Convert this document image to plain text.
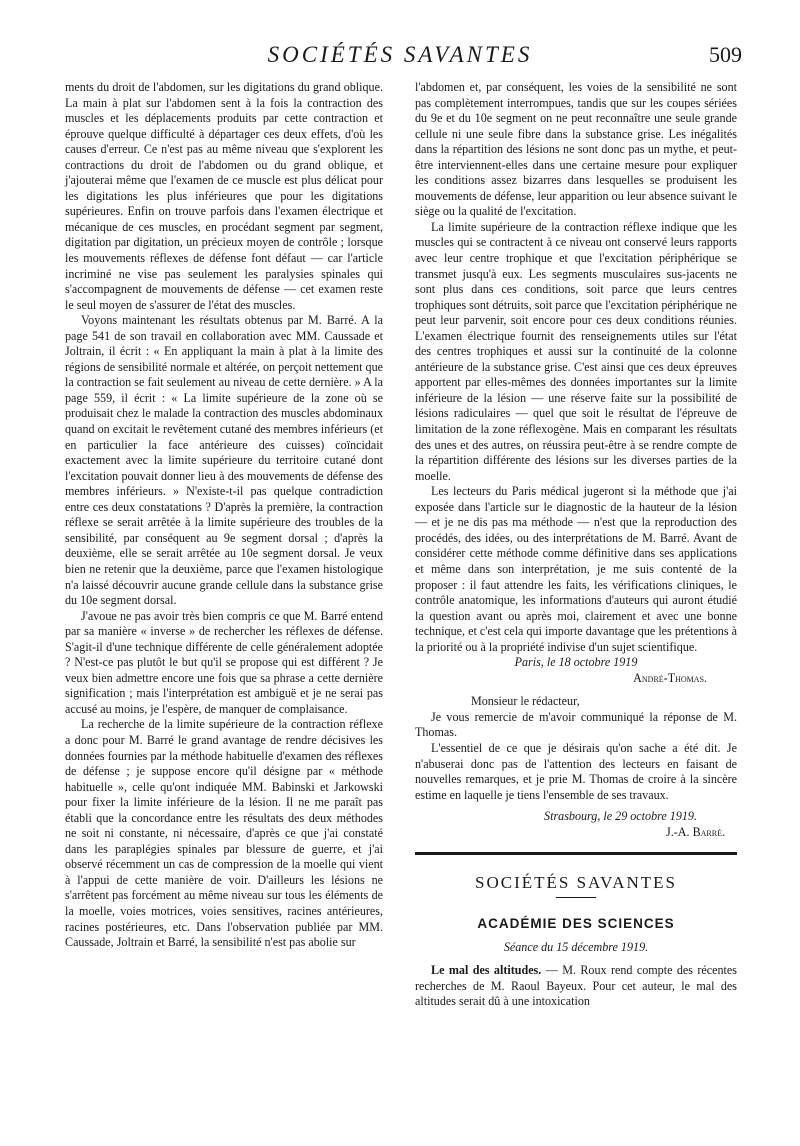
SOCIÉTÉS SAVANTES	509

ments du droit de l'abdomen, sur les digitations du grand oblique. La main à plat sur l'abdomen sent à la fois la contraction des muscles et les déplacements produits par cette contraction et éprouve quelque difficulté à départager ces deux effets, d'où les causes d'erreur. Ce n'est pas au même niveau que s'explorent les contractions du droit de l'abdomen ou du grand oblique, et j'ajouterai même que l'examen de ce muscle est plus délicat pour les digitations les plus inférieures que pour les digitations supérieures. Enfin on trouve parfois dans l'examen électrique et mécanique de ces muscles, en procédant segment par segment, digitation par digitation, un précieux moyen de contrôle ; lorsque les mouvements réflexes de défense font défaut — car l'article incriminé ne vise pas seulement les paralysies spinales qui s'accompagnent de mouvements de défense — cet examen reste le seul moyen de s'assurer de l'état des muscles.

Voyons maintenant les résultats obtenus par M. Barré. A la page 541 de son travail en collaboration avec MM. Caussade et Joltrain, il écrit : « En appliquant la main à plat à la limite des régions de sensibilité normale et altérée, on perçoit nettement que la contraction se fait seulement au niveau de cette dernière. » A la page 559, il écrit : « La limite supérieure de la zone où se produisait chez le malade la contraction des muscles abdominaux quand on excitait le revêtement cutané des membres inférieurs (et en particulier la face antérieure des cuisses) coïncidait exactement avec la limite supérieure du territoire cutané dont l'excitation pouvait donner lieu à des mouvements de défense des membres inférieurs. » N'existe-t-il pas quelque contradiction entre ces deux constatations ? D'après la première, la contraction réflexe se serait arrêtée à la limite supérieure des troubles de la sensibilité, par conséquent au 9e segment dorsal ; d'après la deuxième, elle se serait arrêtée au 10e segment dorsal. Je veux bien ne retenir que la deuxième, parce que l'examen histologique n'a laissé découvrir aucune grande cellule dans la substance grise du 10e segment dorsal.

J'avoue ne pas avoir très bien compris ce que M. Barré entend par sa manière « inverse » de rechercher les réflexes de défense. S'agit-il d'une technique différente de celle généralement adoptée ? N'est-ce pas plutôt le but qu'il se propose qui est différent ? Je veux bien admettre encore une fois que sa phrase a cette dernière signification ; mais l'interprétation est ambiguë et je ne serai pas accusé au moins, je l'espère, de manquer de complaisance.

La recherche de la limite supérieure de la contraction réflexe a donc pour M. Barré le grand avantage de rendre décisives les données fournies par la méthode habituelle d'examen des réflexes de défense ; je suppose encore qu'il désigne par « méthode habituelle », celle qu'ont indiquée MM. Babinski et Jarkowski pour fixer la limite inférieure de la lésion. Il ne me paraît pas établi que la concordance entre les résultats des deux méthodes ne soit ni constante, ni nécessaire, d'après ce que j'ai constaté dans les paraplégies spinales par blessure de guerre, et j'ai observé récemment un cas de compression de la moelle qui vient à l'appui de cette manière de voir. D'ailleurs les lésions ne s'arrêtent pas forcément au même niveau sur tous les éléments de la moelle, voies motrices, voies sensitives, racines antérieures, racines postérieures, etc. Dans l'observation publiée par MM. Caussade, Joltrain et Barré, la sensibilité n'est pas abolie sur

l'abdomen et, par conséquent, les voies de la sensibilité ne sont pas complètement interrompues, tandis que sur les coupes sériées du 9e et du 10e segment on ne peut reconnaître une seule grande cellule ni une seule fibre dans la substance grise. Les inégalités dans la répartition des lésions ne sont donc pas un mythe, et peut-être interviennent-elles dans une certaine mesure pour expliquer les conditions assez bizarres dans lesquelles se produisent les mouvements de défense, leur apparition ou leur absence suivant le siège ou la qualité de l'excitation.

La limite supérieure de la contraction réflexe indique que les muscles qui se contractent à ce niveau ont conservé leurs rapports avec leur centre trophique et que l'excitation périphérique se transmet jusqu'à eux. Les segments musculaires sus-jacents ne sont plus dans ces conditions, soit parce que leurs centres trophiques sont détruits, soit parce que l'excitation périphérique ne peut leur parvenir, soit encore pour ces deux conditions réunies. L'examen électrique fournit des renseignements utiles sur l'état des centres trophiques et aussi sur la continuité de la colonne antérieure de la substance grise. C'est ainsi que ces deux épreuves apportent par elles-mêmes des données importantes sur la limite inférieure de la lésion — une réserve faite sur la possibilité de lésions radiculaires — quel que soit le résultat de l'épreuve de limitation de la zone réflexogène. Mais en comparant les résultats des unes et des autres, on réussira peut-être à se rendre compte de la répartition différente des lésions sur les diverses parties de la moelle.

Les lecteurs du Paris médical jugeront si la méthode que j'ai exposée dans l'article sur le diagnostic de la hauteur de la lésion — et je ne dis pas ma méthode — n'est que la reproduction des procédés, des idées, ou des interprétations de M. Barré. Avant de considérer cette méthode comme définitive dans ses applications et même dans son interprétation, je me suis contenté de la proposer : il faut attendre les faits, les vérifications cliniques, le contrôle anatomique, les informations d'auteurs qui auront étudié la question avant ou après moi, clairement et avec une bonne technique, et c'est cela qui importe davantage que les prétentions à la priorité ou à la propriété indivise d'un sujet scientifique.

Paris, le 18 octobre 1919

André-Thomas.

Monsieur le rédacteur,

Je vous remercie de m'avoir communiqué la réponse de M. Thomas.

L'essentiel de ce que je désirais qu'on sache a été dit. Je n'abuserai donc pas de l'attention des lecteurs en faisant de nouvelles remarques, et je prie M. Thomas de croire à la sincère estime en laquelle je tiens l'ensemble de ses travaux.

Strasbourg, le 29 octobre 1919.

J.-A. Barré.

SOCIÉTÉS SAVANTES
ACADÉMIE DES SCIENCES
Séance du 15 décembre 1919.

Le mal des altitudes. — M. Roux rend compte des récentes recherches de M. Raoul Bayeux. Pour cet auteur, le mal des altitudes serait dû à une intoxication
